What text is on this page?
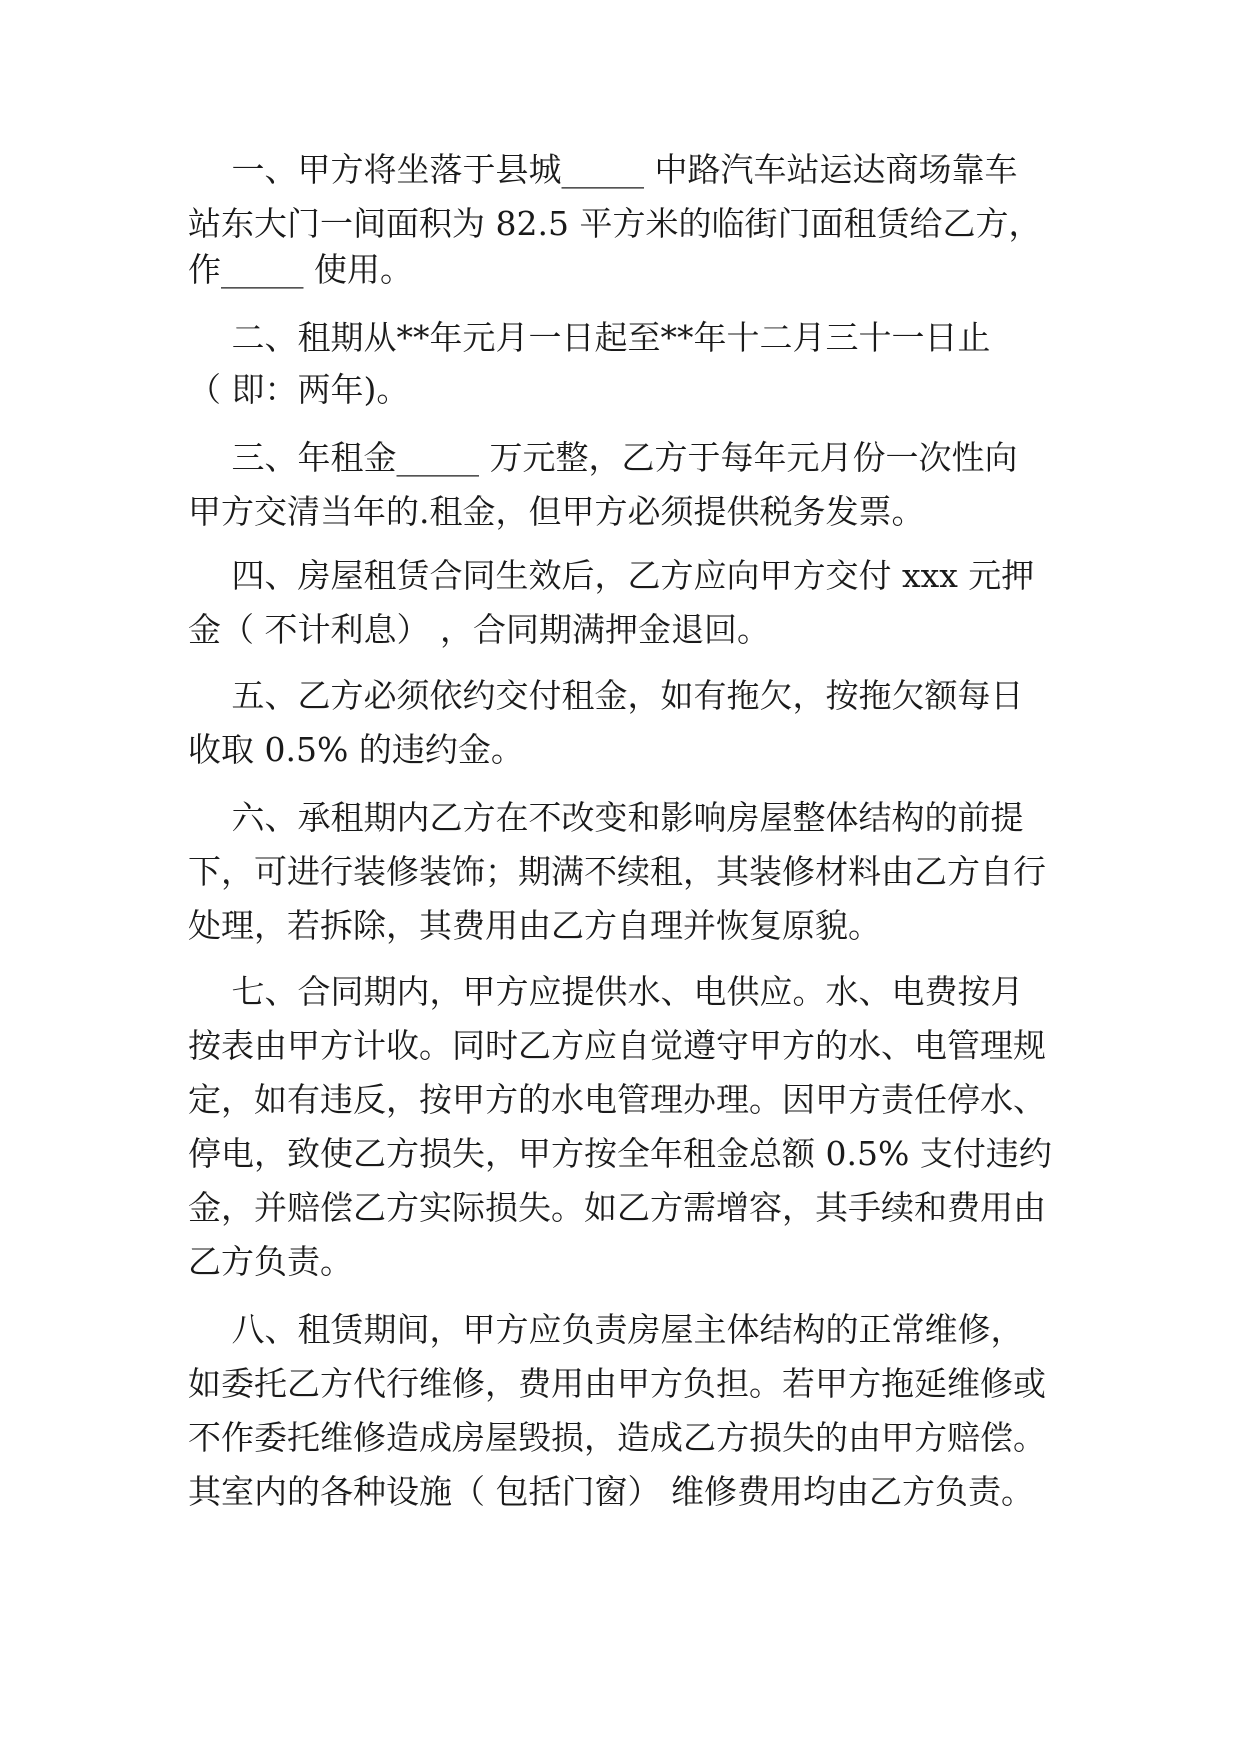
　 一、甲方将坐落于县城_____ 中路汽车站运达商场靠车
站东大门一间面积为 82.5 平方米的临街门面租赁给乙方，
作_____ 使用。
　 二、租期从**年元月一日起至**年十二月三十一日止
（ 即：两年)。
　 三、年租金_____ 万元整，乙方于每年元月份一次性向
甲方交清当年的.租金，但甲方必须提供税务发票。
　 四、房屋租赁合同生效后，乙方应向甲方交付 xxx 元押
金（ 不计利息） ，合同期满押金退回。
　 五、乙方必须依约交付租金，如有拖欠，按拖欠额每日
收取 0.5% 的违约金。
　 六、承租期内乙方在不改变和影响房屋整体结构的前提
下，可进行装修装饰；期满不续租，其装修材料由乙方自行
处理，若拆除，其费用由乙方自理并恢复原貌。
　 七、合同期内，甲方应提供水、电供应。水、电费按月
按表由甲方计收。同时乙方应自觉遵守甲方的水、电管理规
定，如有违反，按甲方的水电管理办理。因甲方责任停水、
停电，致使乙方损失，甲方按全年租金总额 0.5% 支付违约
金，并赔偿乙方实际损失。如乙方需增容，其手续和费用由
乙方负责。
　 八、租赁期间，甲方应负责房屋主体结构的正常维修，
如委托乙方代行维修，费用由甲方负担。若甲方拖延维修或
不作委托维修造成房屋毁损，造成乙方损失的由甲方赔偿。
其室内的各种设施（ 包括门窗） 维修费用均由乙方负责。
